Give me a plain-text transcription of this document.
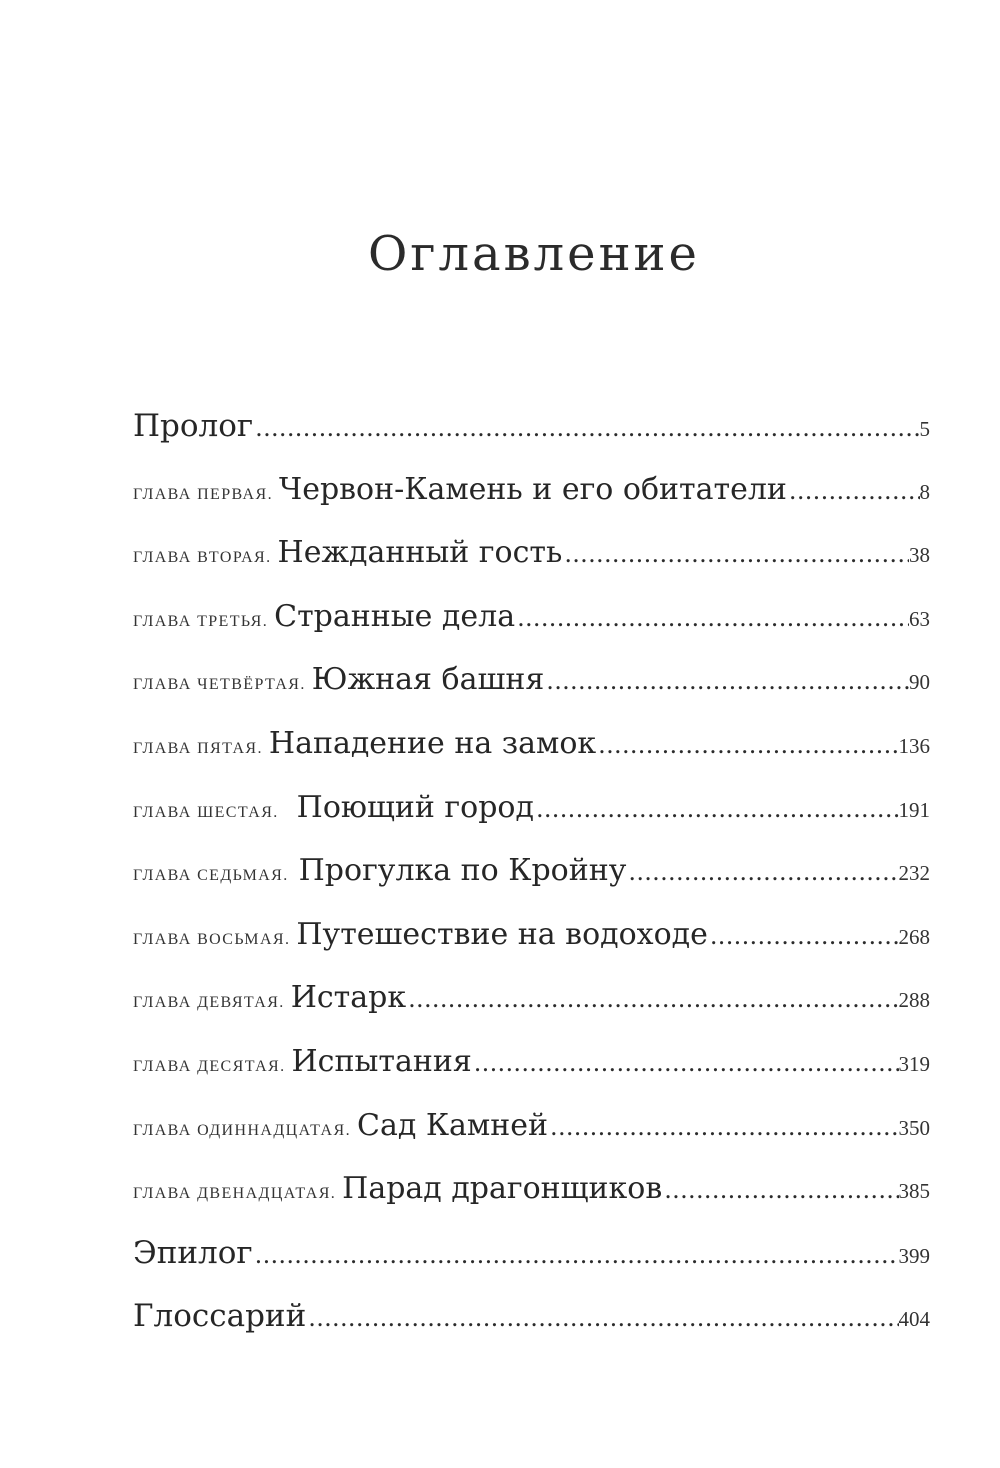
Оглавление
Пролог .....	5
ГЛАВА ПЕРВАЯ. Червон-Камень и его обитатели .....	8
ГЛАВА ВТОРАЯ. Нежданный гость .....	38
ГЛАВА ТРЕТЬЯ. Странные дела .....	63
ГЛАВА ЧЕТВЁРТАЯ. Южная башня .....	90
ГЛАВА ПЯТАЯ. Нападение на замок .....	136
ГЛАВА ШЕСТАЯ. Поющий город .....	191
ГЛАВА СЕДЬМАЯ. Прогулка по Кройну .....	232
ГЛАВА ВОСЬМАЯ. Путешествие на водоходе .....	268
ГЛАВА ДЕВЯТАЯ. Истарк .....	288
ГЛАВА ДЕСЯТАЯ. Испытания .....	319
ГЛАВА ОДИННАДЦАТАЯ. Сад Камней .....	350
ГЛАВА ДВЕНАДЦАТАЯ. Парад драгонщиков .....	385
Эпилог .....	399
Глоссарий .....	404
